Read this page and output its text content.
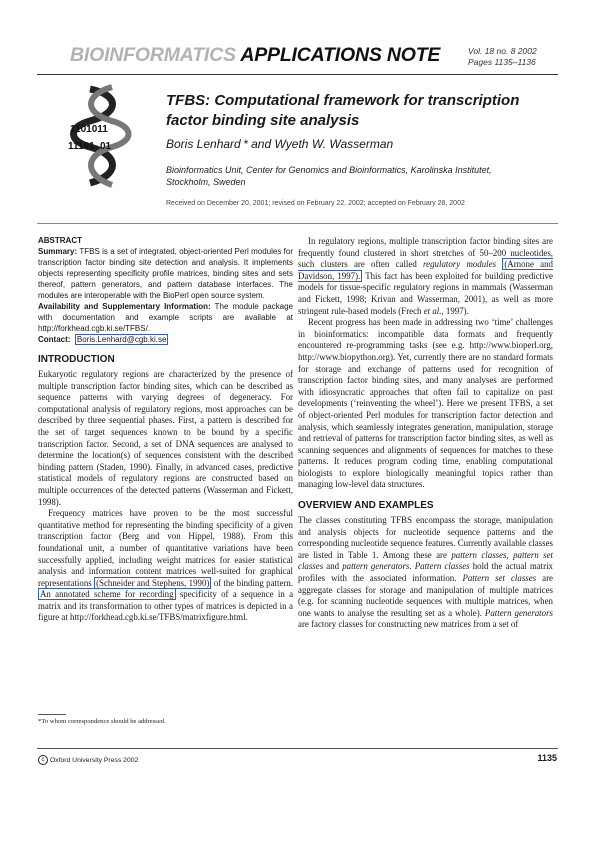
BIOINFORMATICS APPLICATIONS NOTE	Vol. 18 no. 8 2002
Pages 1135–1136
1101011
11101 01
TFBS: Computational framework for transcription
factor binding site analysis
Boris Lenhard * and Wyeth W. Wasserman
Bioinformatics Unit, Center for Genomics and Bioinformatics, Karolinska Institutet,
Stockholm, Sweden
Received on December 20, 2001; revised on February 22, 2002; accepted on February 28, 2002
ABSTRACT

Summary: TFBS is a set of integrated, object-oriented Perl modules for transcription factor binding site detection and analysis. It implements objects representing specificity profile matrices, binding sites and sets thereof, pattern generators, and pattern database interfaces. The modules are interoperable with the BioPerl open source system.

Availability and Supplementary Information: The module package with documentation and example scripts are available at http://forkhead.cgb.ki.se/TFBS/.

Contact: Boris.Lenhard@cgb.ki.se

INTRODUCTION

Eukaryotic regulatory regions are characterized by the presence of multiple transcription factor binding sites, which can be described as sequence patterns with varying degrees of degeneracy. For computational analysis of regulatory regions, most approaches can be described by three sequential phases. First, a pattern is described for the set of target sequences known to be bound by a specific transcription factor. Second, a set of DNA sequences are analysed to determine the location(s) of sequences consistent with the described binding pattern (Staden, 1990). Finally, in advanced cases, predictive statistical models of regulatory regions are constructed based on multiple occurrences of the detected patterns (Wasserman and Fickett, 1998).

Frequency matrices have proven to be the most successful quantitative method for representing the binding specificity of a given transcription factor (Berg and von Hippel, 1988). From this foundational unit, a number of quantitative variations have been successfully applied, including weight matrices for easier statistical analysis and information content matrices well-suited for graphical representations (Schneider and Stephens, 1990) of the binding pattern. An annotated scheme for recording specificity of a sequence in a matrix and its transformation to other types of matrices is depicted in a figure at http://forkhead.cgb.ki.se/TFBS/matrixfigure.html.

In regulatory regions, multiple transcription factor binding sites are frequently found clustered in short stretches of 50–200 nucleotides, such clusters are often called regulatory modules (Arnone and Davidson, 1997). This fact has been exploited for building predictive models for tissue-specific regulatory regions in mammals (Wasserman and Fickett, 1998; Krivan and Wasserman, 2001), as well as more stringent rule-based models (Frech et al., 1997).

Recent progress has been made in addressing two ‘time’ challenges in bioinformatics: incompatible data formats and frequently encountered re-programming tasks (see e.g. http://www.bioperl.org, http://www.biopython.org). Yet, currently there are no standard formats for storage and exchange of patterns used for recognition of transcription factor binding sites, and many analyses are performed with idiosyncratic approaches that often fail to capitalize on past developments (‘reinventing the wheel’). Here we present TFBS, a set of object-oriented Perl modules for transcription factor detection and analysis, which seamlessly integrates generation, manipulation, storage and retrieval of patterns for transcription factor binding sites, as well as scanning sequences and alignments of sequences for matches to these patterns. It reduces program coding time, enabling computational biologists to explore biologically meaningful topics rather than managing low-level data structures.

OVERVIEW AND EXAMPLES

The classes constituting TFBS encompass the storage, manipulation and analysis objects for nucleotide sequence patterns and the corresponding nucleotide sequence features. Currently available classes are listed in Table 1. Among these are pattern classes, pattern set classes and pattern generators. Pattern classes hold the actual matrix profiles with the associated information. Pattern set classes are aggregate classes for storage and manipulation of multiple matrices (e.g. for scanning nucleotide sequences with multiple matrices, when one wants to analyse the resulting set as a whole). Pattern generators are factory classes for constructing new matrices from a set of

*To whom correspondence should be addressed.
c Oxford University Press 2002	1135
